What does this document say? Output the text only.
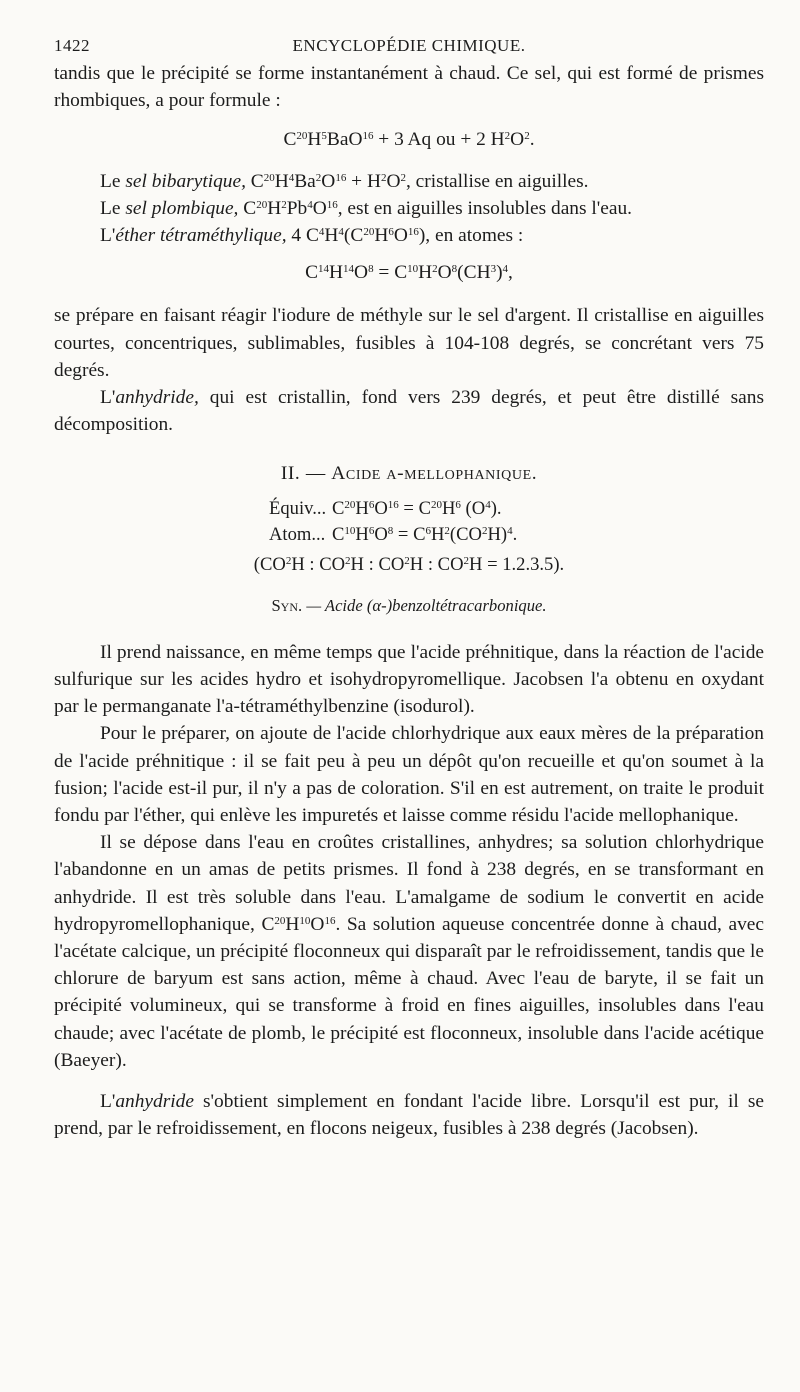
1422	ENCYCLOPÉDIE CHIMIQUE.

tandis que le précipité se forme instantanément à chaud. Ce sel, qui est formé de prismes rhombiques, a pour formule :

$C^{20}H^5BaO^{16} + 3$ Aq ou + 2 $H^2O^2$.

Le sel bibarytique, $C^{20}H^4Ba^2O^{16} + H^2O^2$, cristallise en aiguilles.

Le sel plombique, $C^{20}H^2Pb^4O^{16}$, est en aiguilles insolubles dans l'eau.

L'éther tétraméthylique, 4 $C^4H^4(C^{20}H^6O^{16})$, en atomes :

$C^{14}H^{14}O^8 = C^{10}H^2O^8(CH^3)^4$,

se prépare en faisant réagir l'iodure de méthyle sur le sel d'argent. Il cristallise en aiguilles courtes, concentriques, sublimables, fusibles à 104-108 degrés, se concrétant vers 75 degrés.

L'anhydride, qui est cristallin, fond vers 239 degrés, et peut être distillé sans décomposition.

II. — Acide α-mellophanique.
Équiv... $C^{20}H^6O^{16} = C^{20}H^6$ $(O^4)$.
Atom... $C^{10}H^6O^8 = C^6H^2(CO^2H)^4$.
($CO^2H$ : $CO^2H$ : $CO^2H$ : $CO^2H = 1.2.3.5$).
Syn. — Acide (α-)benzoltétracarbonique.

Il prend naissance, en même temps que l'acide préhnitique, dans la réaction de l'acide sulfurique sur les acides hydro et isohydropyromellique. Jacobsen l'a obtenu en oxydant par le permanganate l'a-tétraméthylbenzine (isodurol).

Pour le préparer, on ajoute de l'acide chlorhydrique aux eaux mères de la préparation de l'acide préhnitique : il se fait peu à peu un dépôt qu'on recueille et qu'on soumet à la fusion; l'acide est-il pur, il n'y a pas de coloration. S'il en est autrement, on traite le produit fondu par l'éther, qui enlève les impuretés et laisse comme résidu l'acide mellophanique.

Il se dépose dans l'eau en croûtes cristallines, anhydres; sa solution chlorhydrique l'abandonne en un amas de petits prismes. Il fond à 238 degrés, en se transformant en anhydride. Il est très soluble dans l'eau. L'amalgame de sodium le convertit en acide hydropyromellophanique, $C^{20}H^{10}O^{16}$. Sa solution aqueuse concentrée donne à chaud, avec l'acétate calcique, un précipité floconneux qui disparaît par le refroidissement, tandis que le chlorure de baryum est sans action, même à chaud. Avec l'eau de baryte, il se fait un précipité volumineux, qui se transforme à froid en fines aiguilles, insolubles dans l'eau chaude; avec l'acétate de plomb, le précipité est floconneux, insoluble dans l'acide acétique (Baeyer).

L'anhydride s'obtient simplement en fondant l'acide libre. Lorsqu'il est pur, il se prend, par le refroidissement, en flocons neigeux, fusibles à 238 degrés (Jacobsen).
